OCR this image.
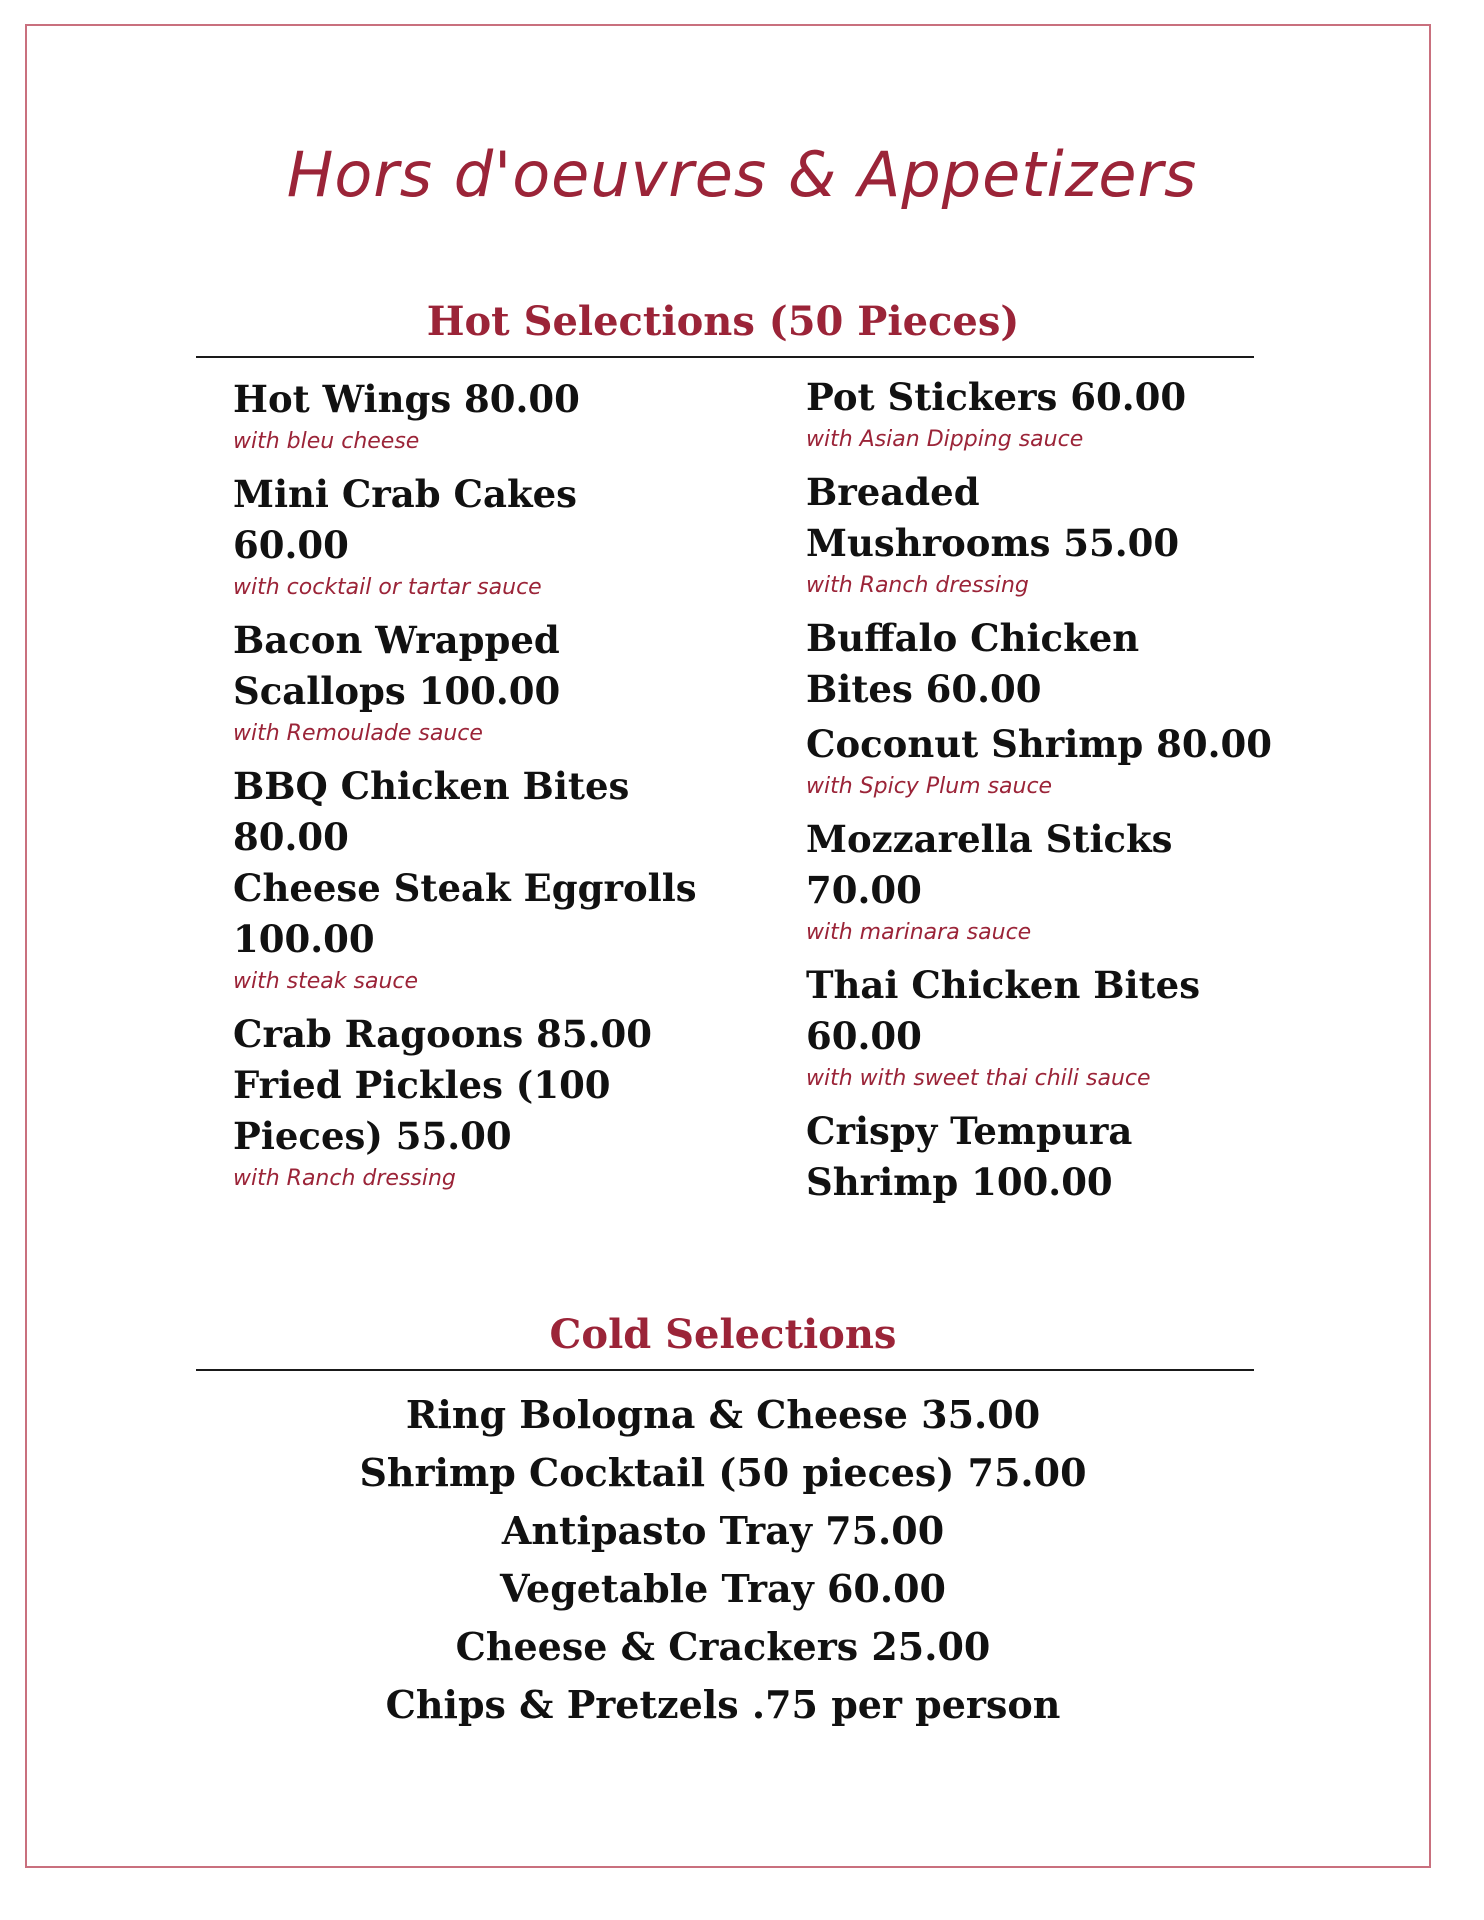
Hors d'oeuvres & Appetizers
Hot Selections (50 Pieces)

Hot Wings 80.00

with bleu cheese

Mini Crab Cakes 60.00

with cocktail or tartar sauce

Bacon Wrapped Scallops 100.00

with Remoulade sauce

BBQ Chicken Bites 80.00

Cheese Steak Eggrolls 100.00

with steak sauce

Crab Ragoons 85.00

Fried Pickles (100 Pieces) 55.00

with Ranch dressing

Pot Stickers 60.00

with Asian Dipping sauce

Breaded Mushrooms 55.00

with Ranch dressing

Buffalo Chicken Bites 60.00

Coconut Shrimp 80.00

with Spicy Plum sauce

Mozzarella Sticks 70.00

with marinara sauce

Thai Chicken Bites 60.00

with with sweet thai chili sauce

Crispy Tempura Shrimp 100.00

Cold Selections
Ring Bologna & Cheese 35.00
Shrimp Cocktail (50 pieces) 75.00
Antipasto Tray 75.00
Vegetable Tray 60.00
Cheese & Crackers 25.00
Chips & Pretzels .75 per person
